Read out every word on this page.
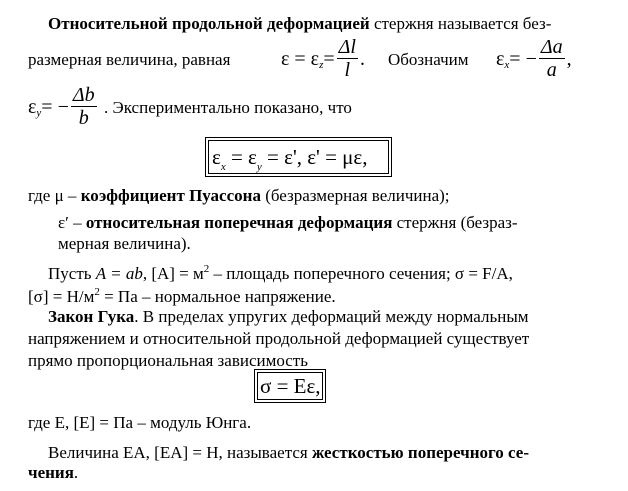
Относительной продольной деформацией стержня называется без-
размерная величина, равная	ε = ε $z = \frac{\Delta l}{l}$ . Обозначим ε x = − $\frac{\Delta a}{a}$ ,
ε y = − $\frac{\Delta b}{b}$ . Экспериментально показано, что
$\varepsilon_x = \varepsilon_y = \varepsilon'$, ε' = με,
где μ – коэффициент Пуассона (безразмерная величина);
ε′ – относительная поперечная деформация стержня (безраз-
мерная величина).
Пусть A = ab, $[A] = м^2$ – площадь поперечного сечения; σ = F/A,
$[\sigma] = Н/м^2$ = Па – нормальное напряжение.
Закон Гука. В пределах упругих деформаций между нормальным
напряжением и относительной продольной деформацией существует
прямо пропорциональная зависимость
σ = Eε,
где E, [E] = Па – модуль Юнга.
Величина EA, [EA] = Н, называется жесткостью поперечного се-
чения.
